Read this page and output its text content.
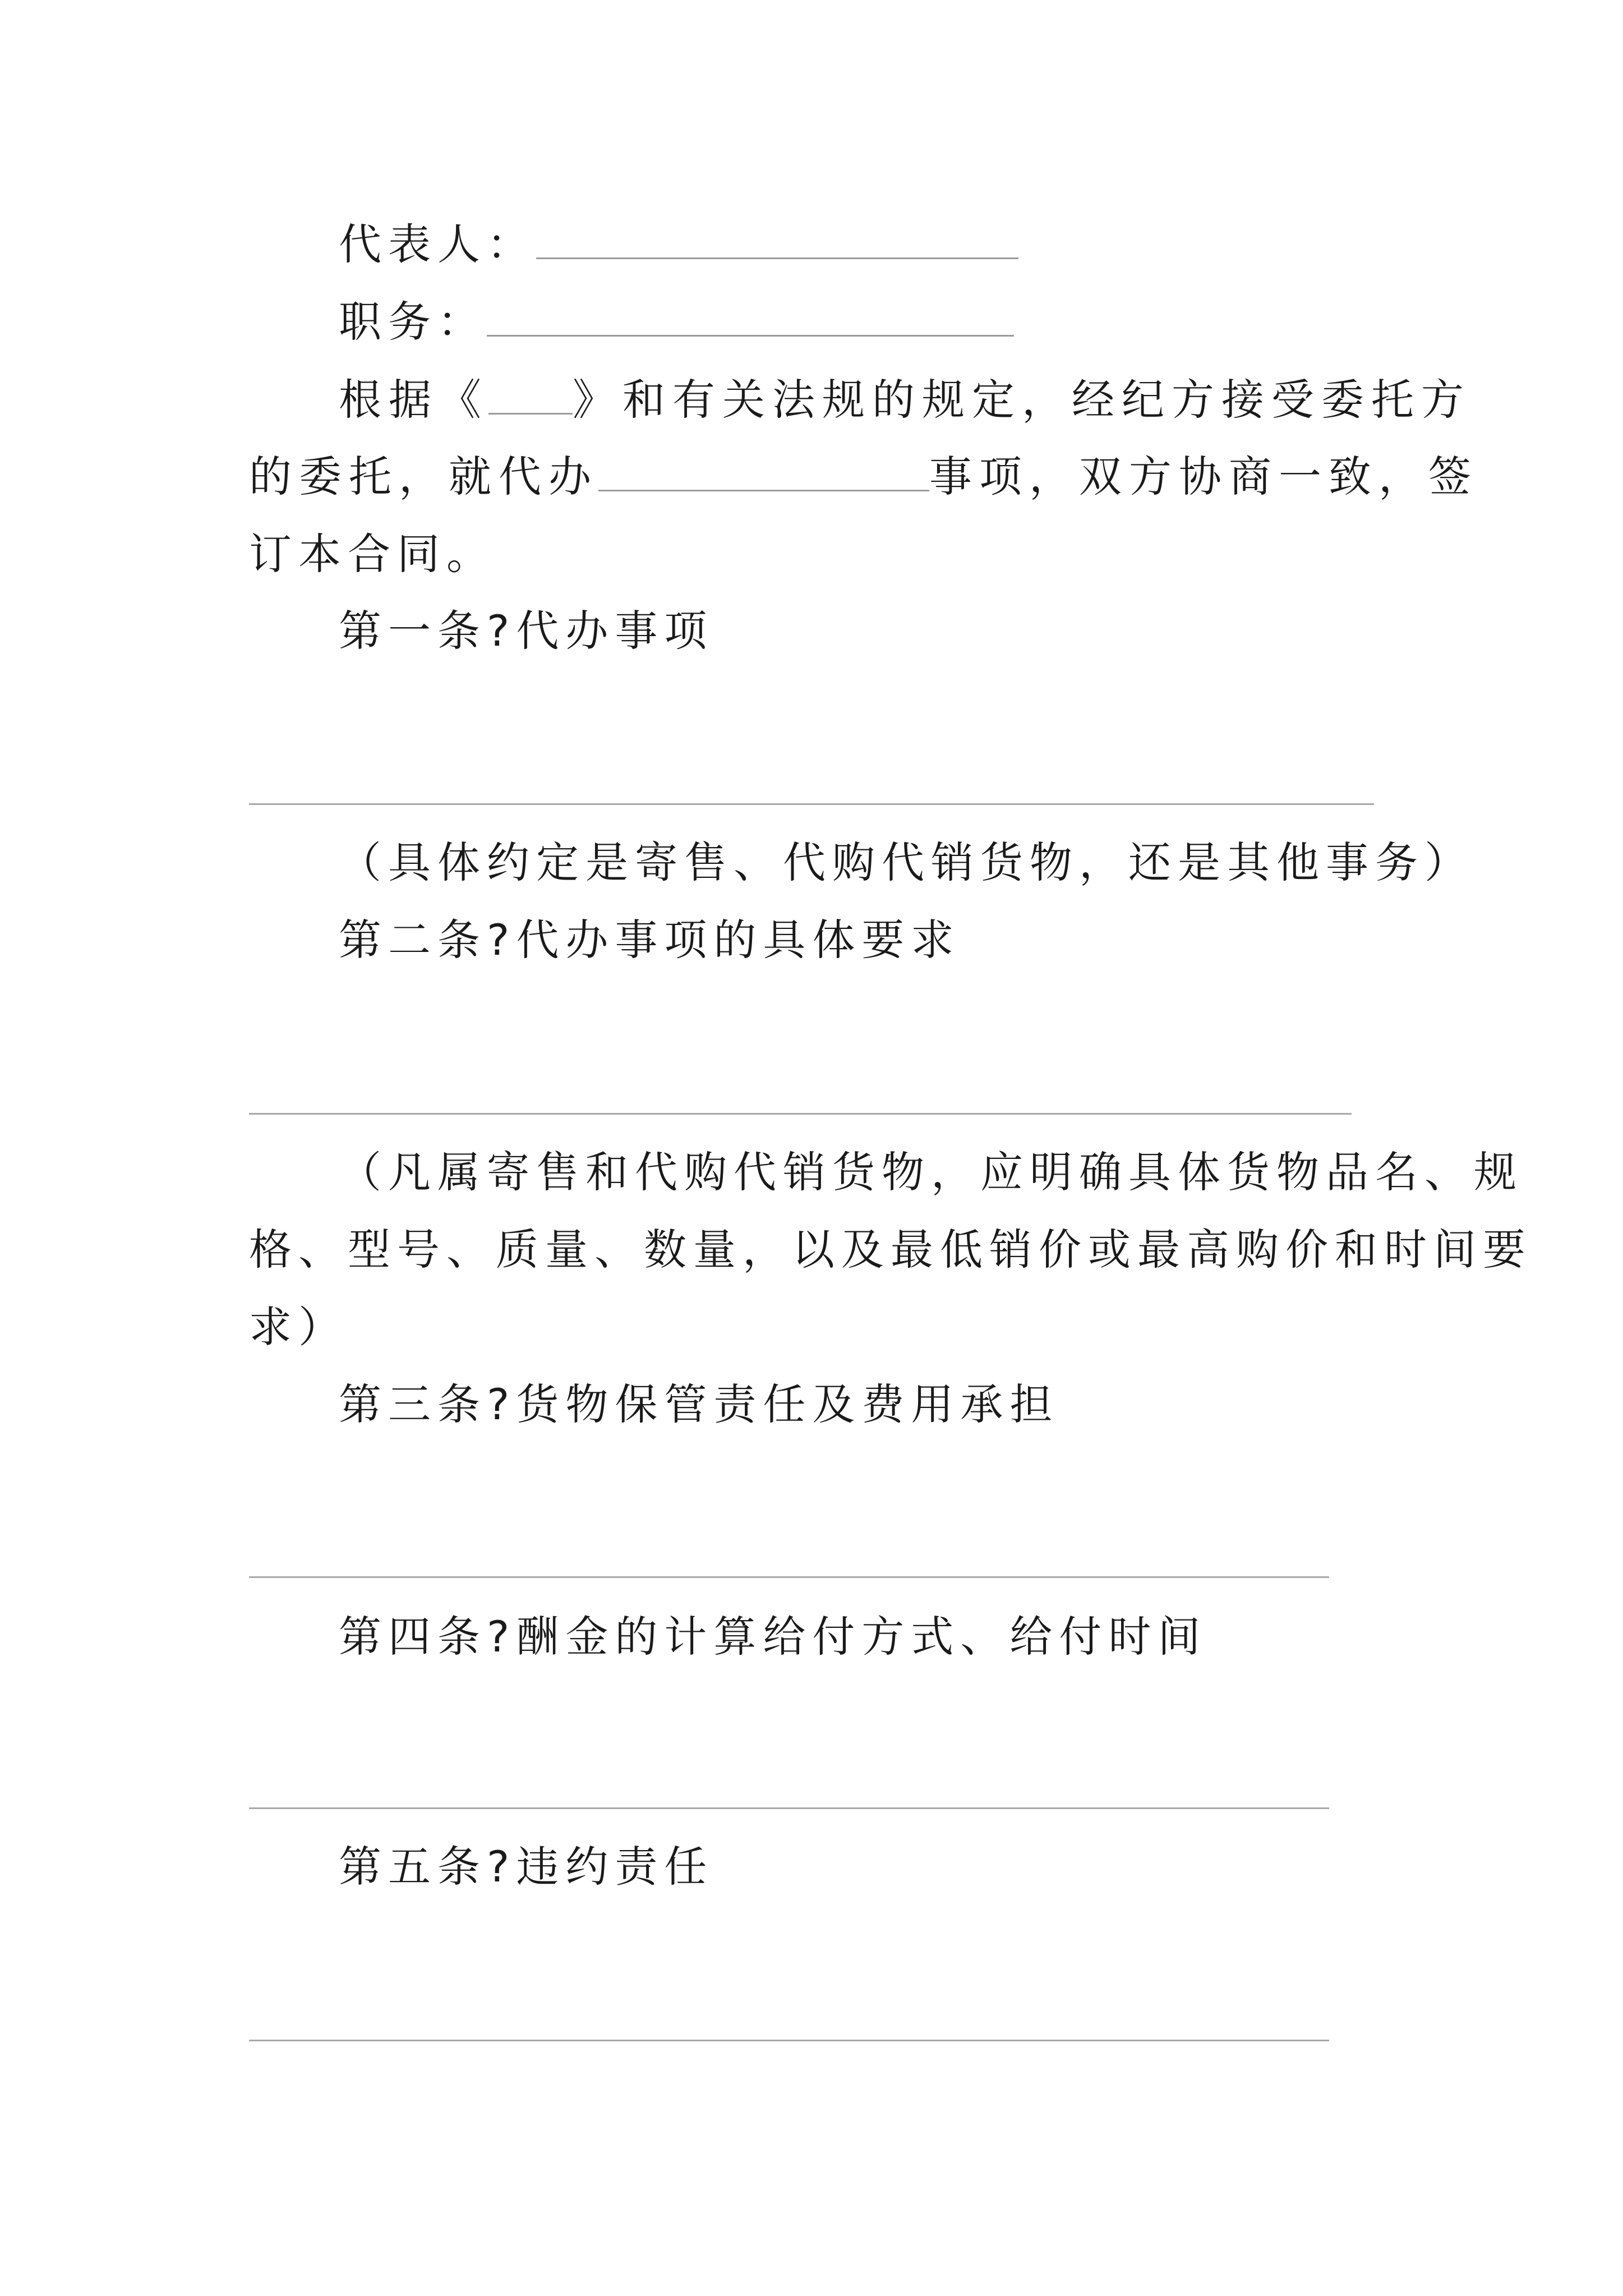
代表人：
职务：
根据《 》和有关法规的规定，经纪方接受委托方
的委托，就代办	事项，双方协商一致，签
订本合同。
第一条?代办事项
（具体约定是寄售、代购代销货物，还是其他事务）
第二条?代办事项的具体要求
（凡属寄售和代购代销货物，应明确具体货物品名、规
格、型号、质量、数量，以及最低销价或最高购价和时间要
求）
第三条?货物保管责任及费用承担
第四条?酬金的计算给付方式、给付时间
第五条?违约责任
